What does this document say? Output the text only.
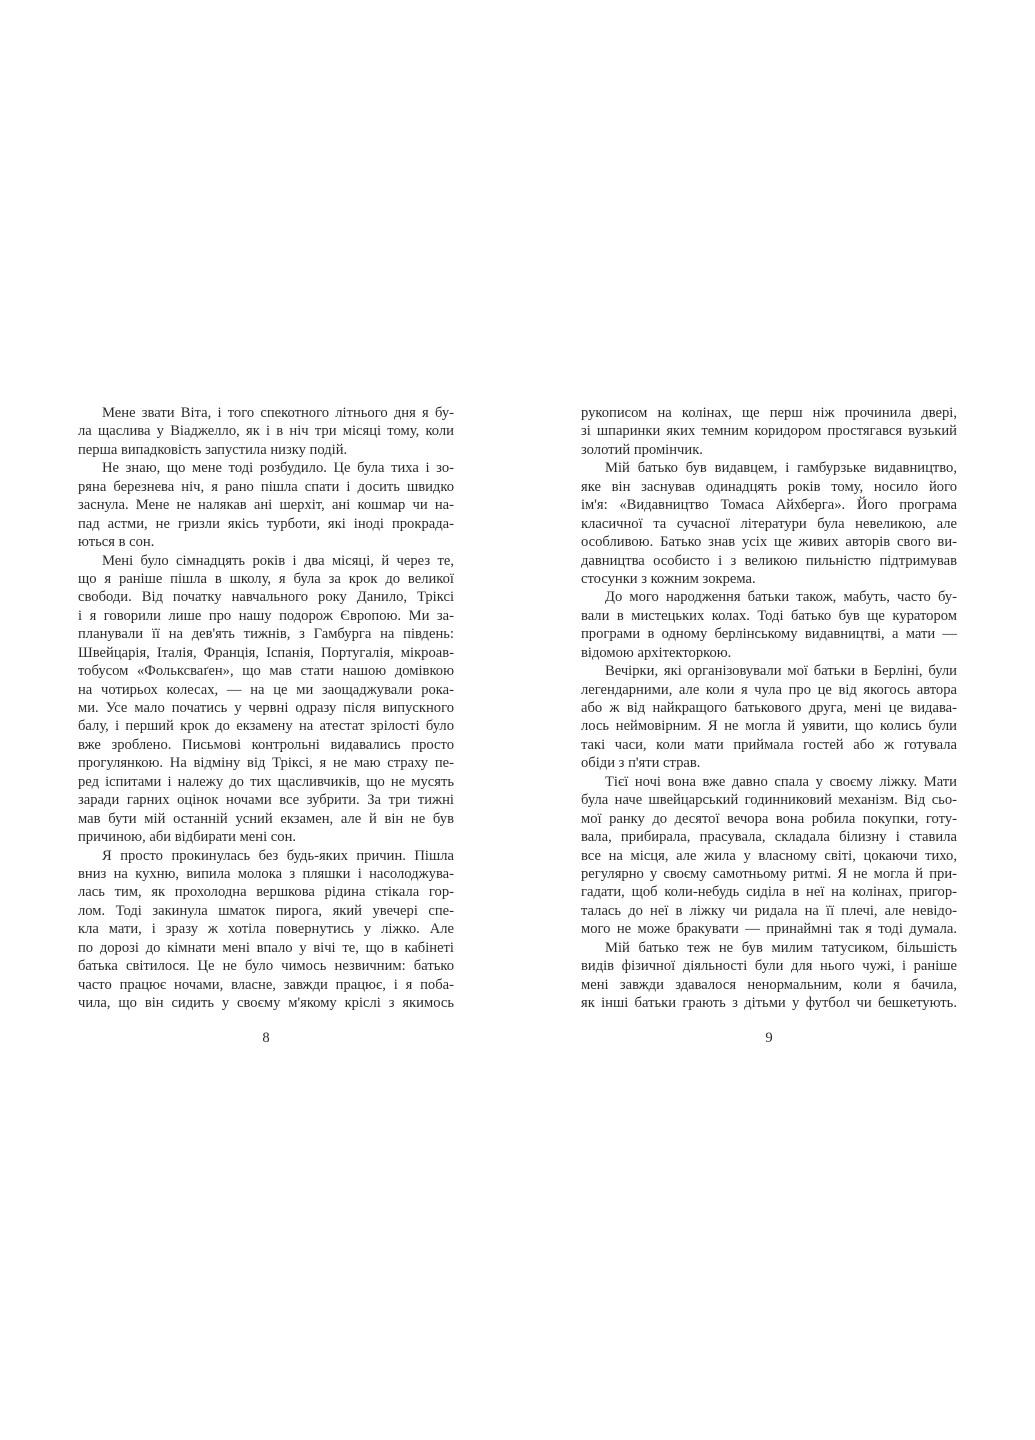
Мене звати Віта, і того спекотного літнього дня я бу-
ла щаслива у Віаджелло, як і в ніч три місяці тому, коли
перша випадковість запустила низку подій.
Не знаю, що мене тоді розбудило. Це була тиха і зо-
ряна березнева ніч, я рано пішла спати і досить швидко
заснула. Мене не налякав ані шерхіт, ані кошмар чи на-
пад астми, не гризли якісь турботи, які іноді прокрада-
ються в сон.
Мені було сімнадцять років і два місяці, й через те,
що я раніше пішла в школу, я була за крок до великої
свободи. Від початку навчального року Данило, Тріксі
і я говорили лише про нашу подорож Європою. Ми за-
планували її на дев'ять тижнів, з Гамбурга на південь:
Швейцарія, Італія, Франція, Іспанія, Португалія, мікроав-
тобусом «Фольксваґен», що мав стати нашою домівкою
на чотирьох колесах, — на це ми заощаджували рока-
ми. Усе мало початись у червні одразу після випускного
балу, і перший крок до екзамену на атестат зрілості було
вже зроблено. Письмові контрольні видавались просто
прогулянкою. На відміну від Тріксі, я не маю страху пе-
ред іспитами і належу до тих щасливчиків, що не мусять
заради гарних оцінок ночами все зубрити. За три тижні
мав бути мій останній усний екзамен, але й він не був
причиною, аби відбирати мені сон.
Я просто прокинулась без будь-яких причин. Пішла
вниз на кухню, випила молока з пляшки і насолоджува-
лась тим, як прохолодна вершкова рідина стікала гор-
лом. Тоді закинула шматок пирога, який увечері спе-
кла мати, і зразу ж хотіла повернутись у ліжко. Але
по дорозі до кімнати мені впало у вічі те, що в кабінеті
батька світилося. Це не було чимось незвичним: батько
часто працює ночами, власне, завжди працює, і я поба-
чила, що він сидить у своєму м'якому кріслі з якимось
рукописом на колінах, ще перш ніж прочинила двері,
зі шпаринки яких темним коридором простягався вузький
золотий промінчик.
Мій батько був видавцем, і гамбурзьке видавництво,
яке він заснував одинадцять років тому, носило його
ім'я: «Видавництво Томаса Айхберга». Його програма
класичної та сучасної літератури була невеликою, але
особливою. Батько знав усіх ще живих авторів свого ви-
давництва особисто і з великою пильністю підтримував
стосунки з кожним зокрема.
До мого народження батьки також, мабуть, часто бу-
вали в мистецьких колах. Тоді батько був ще куратором
програми в одному берлінському видавництві, а мати —
відомою архітекторкою.
Вечірки, які організовували мої батьки в Берліні, були
легендарними, але коли я чула про це від якогось автора
або ж від найкращого батькового друга, мені це видава-
лось неймовірним. Я не могла й уявити, що колись були
такі часи, коли мати приймала гостей або ж готувала
обіди з п'яти страв.
Тієї ночі вона вже давно спала у своєму ліжку. Мати
була наче швейцарський годинниковий механізм. Від сьо-
мої ранку до десятої вечора вона робила покупки, готу-
вала, прибирала, прасувала, складала білизну і ставила
все на місця, але жила у власному світі, цокаючи тихо,
регулярно у своєму самотньому ритмі. Я не могла й при-
гадати, щоб коли-небудь сиділа в неї на колінах, пригор-
талась до неї в ліжку чи ридала на її плечі, але невідо-
мого не може бракувати — принаймні так я тоді думала.
Мій батько теж не був милим татусиком, більшість
видів фізичної діяльності були для нього чужі, і раніше
мені завжди здавалося ненормальним, коли я бачила,
як інші батьки грають з дітьми у футбол чи бешкетують.
8	9
